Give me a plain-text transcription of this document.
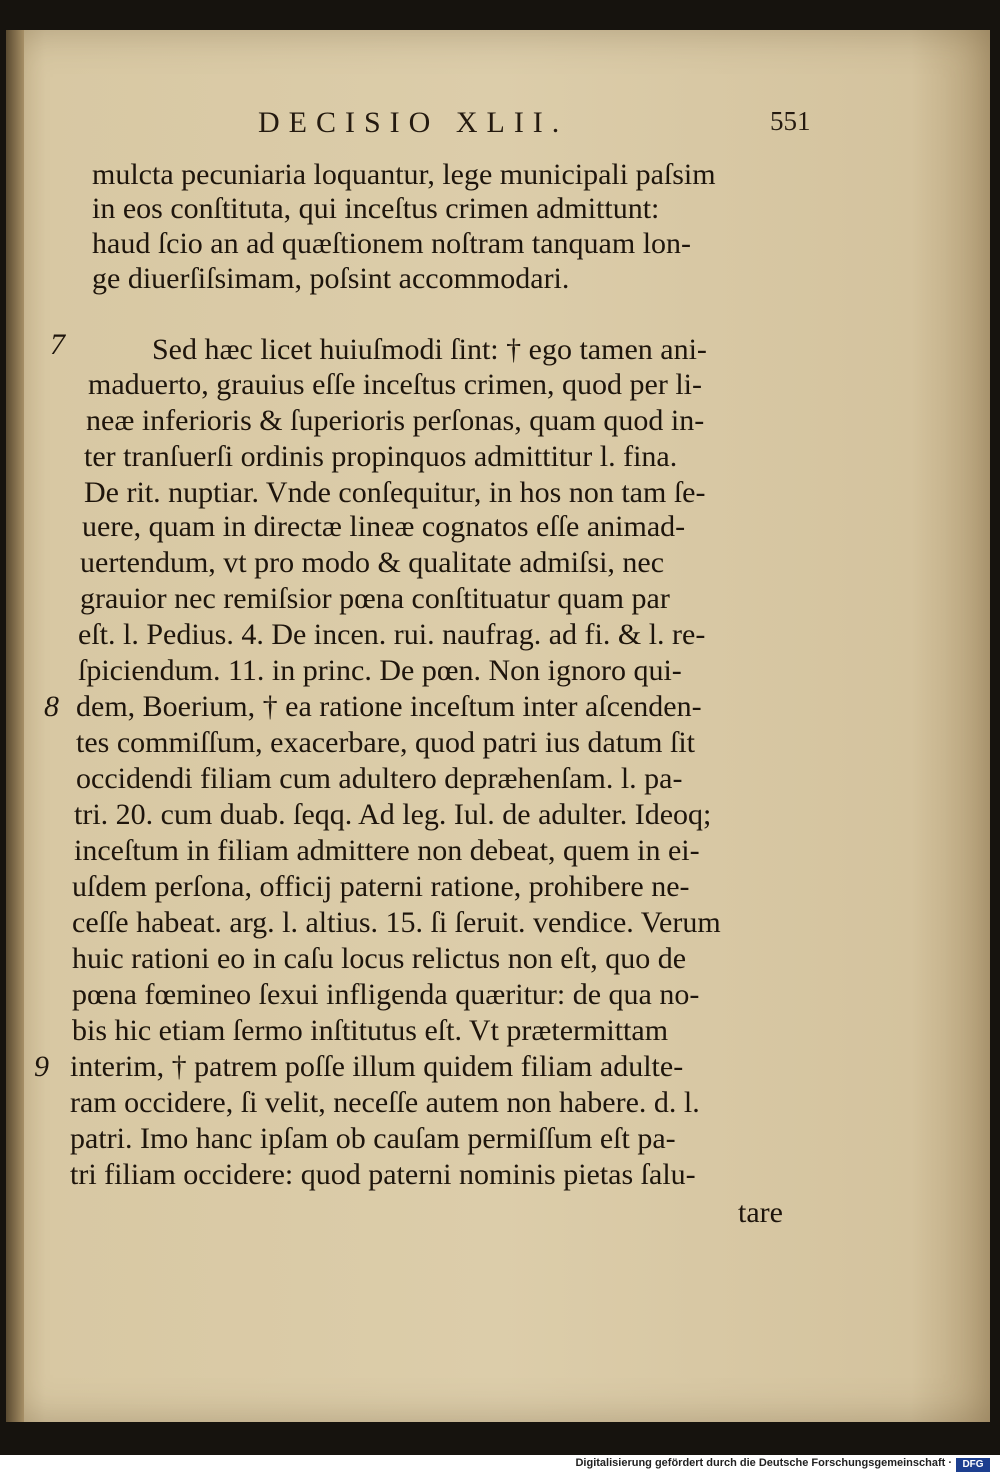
DECISIO XLII.	551
mulcta pecuniaria loquantur, lege municipali paſsim
in eos conſtituta, qui inceſtus crimen admittunt:
haud ſcio an ad quæſtionem noſtram tanquam lon‑
ge diuerſiſsimam, poſsint accommodari.
Sed hæc licet huiuſmodi ſint: † ego tamen ani‑
maduerto, grauius eſſe inceſtus crimen, quod per li‑
neæ inferioris & ſuperioris perſonas, quam quod in‑
ter tranſuerſi ordinis propinquos admittitur l. fina.
De rit. nuptiar. Vnde conſequitur, in hos non tam ſe‑
uere, quam in directæ lineæ cognatos eſſe animad‑
uertendum, vt pro modo & qualitate admiſsi, nec
grauior nec remiſsior pœna conſtituatur quam par
eſt. l. Pedius. 4. De incen. rui. naufrag. ad fi. & l. re‑
ſpiciendum. 11. in princ. De pœn. Non ignoro qui‑
dem, Boerium, † ea ratione inceſtum inter aſcenden‑
tes commiſſum, exacerbare, quod patri ius datum ſit
occidendi filiam cum adultero depræhenſam. l. pa‑
tri. 20. cum duab. ſeqq. Ad leg. Iul. de adulter. Ideoq;
inceſtum in filiam admittere non debeat, quem in ei‑
uſdem perſona, officij paterni ratione, prohibere ne‑
ceſſe habeat. arg. l. altius. 15. ſi ſeruit. vendice. Verum
huic rationi eo in caſu locus relictus non eſt, quo de
pœna fœmineo ſexui infligenda quæritur: de qua no‑
bis hic etiam ſermo inſtitutus eſt. Vt prætermittam
interim, † patrem poſſe illum quidem filiam adulte‑
ram occidere, ſi velit, neceſſe autem non habere. d. l.
patri. Imo hanc ipſam ob cauſam permiſſum eſt pa‑
tri filiam occidere: quod paterni nominis pietas ſalu‑
tare
7
8
9
Digitalisierung gefördert durch die Deutsche Forschungsgemeinschaft ·	DFG
